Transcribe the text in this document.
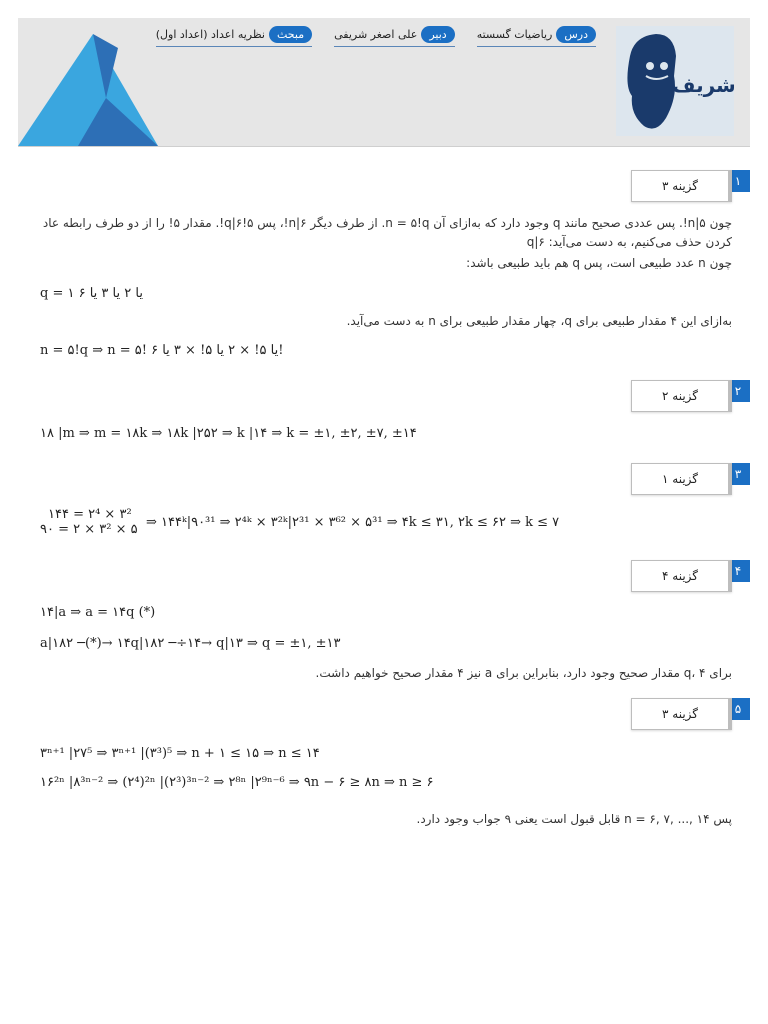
درس
ریاضیات گسسته
دبیر
علی اصغر شریفی
مبحث
نظریه اعداد (اعداد اول)
شریف
۱
گزینه ۳
چون n|۵!. پس عددی صحیح مانند q وجود دارد که به‌ازای آن n = ۵!q. از طرف دیگر n|۶!، پس ۵!q|۶!. مقدار ۵! را از دو طرف رابطه عاد کردن حذف می‌کنیم، به دست می‌آید: q|۶
چون n عدد طبیعی است، پس q هم باید طبیعی باشد:
q = ۱ یا ۲ یا ۳ یا ۶
به‌ازای این ۴ مقدار طبیعی برای q، چهار مقدار طبیعی برای n به دست می‌آید.
n = ۵!q ⇒ n = ۵! یا ۵! × ۲ یا ۵! × ۳ یا ۶!
۲
گزینه ۲
۱۸ |m ⇒ m = ۱۸k ⇒ ۱۸k |۲۵۲ ⇒ k |۱۴ ⇒ k = ±۱, ±۲, ±۷, ±۱۴
۳
گزینه ۱
۱۴۴ = ۲⁴ × ۳²
۹۰ = ۲ × ۳² × ۵ ⇒ ۱۴۴ᵏ|۹۰³¹ ⇒ ۲⁴ᵏ × ۳²ᵏ|۲³¹ × ۳⁶² × ۵³¹ ⇒ ۴k ≤ ۳۱, ۲k ≤ ۶۲ ⇒ k ≤ ۷
۴
گزینه ۴
۱۴|a ⇒ a = ۱۴q (*)
a|۱۸۲ ─(*)→ ۱۴q|۱۸۲ ─÷۱۴→ q|۱۳ ⇒ q = ±۱, ±۱۳
برای q، ۴ مقدار صحیح وجود دارد، بنابراین برای a نیز ۴ مقدار صحیح خواهیم داشت.
۵
گزینه ۳
۳ⁿ⁺¹ |۲۷⁵ ⇒ ۳ⁿ⁺¹ |(۳³)⁵ ⇒ n + ۱ ≤ ۱۵ ⇒ n ≤ ۱۴
۱۶²ⁿ |۸³ⁿ⁻² ⇒ (۲⁴)²ⁿ |(۲³)³ⁿ⁻² ⇒ ۲⁸ⁿ |۲⁹ⁿ⁻⁶ ⇒ ۹n − ۶ ≥ ۸n ⇒ n ≥ ۶
پس n = ۶, ۷, ..., ۱۴ قابل قبول است یعنی ۹ جواب وجود دارد.
